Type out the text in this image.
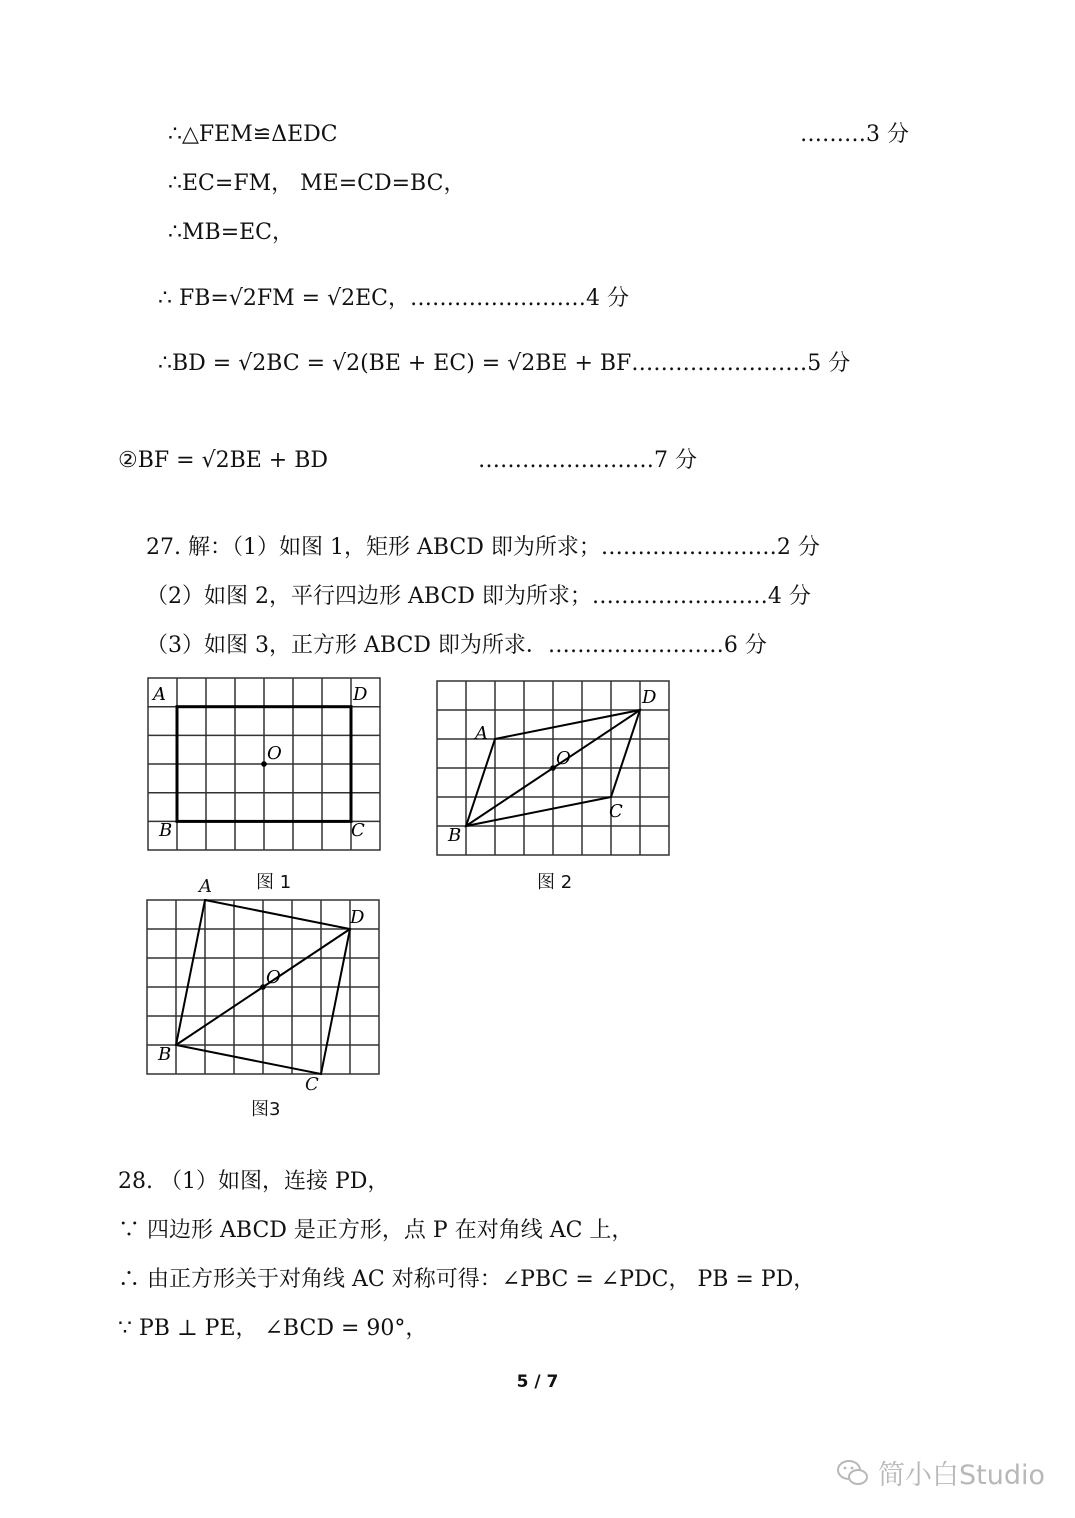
∴△FEM≌ΔEDC	………3 分
∴EC=FM， ME=CD=BC，
∴MB=EC，
∴ FB=√2FM = √2EC，……………………4 分
∴BD = √2BC = √2(BE + EC) = √2BE + BF……………………5 分
②BF = √2BE + BD	……………………7 分
27. 解：（1）如图 1，矩形 ABCD 即为所求；……………………2 分
（2）如图 2，平行四边形 ABCD 即为所求；……………………4 分
（3）如图 3，正方形 ABCD 即为所求．……………………6 分
A	D
O
B	C
图 1
A
D
O
B
C
图 2
A
D
O
B
C
图3
28. （1）如图，连接 PD，
∵ 四边形 ABCD 是正方形，点 P 在对角线 AC 上，
∴ 由正方形关于对角线 AC 对称可得：∠PBC = ∠PDC， PB = PD，
∵ PB ⊥ PE， ∠BCD = 90°，
5 / 7
简小白Studio
